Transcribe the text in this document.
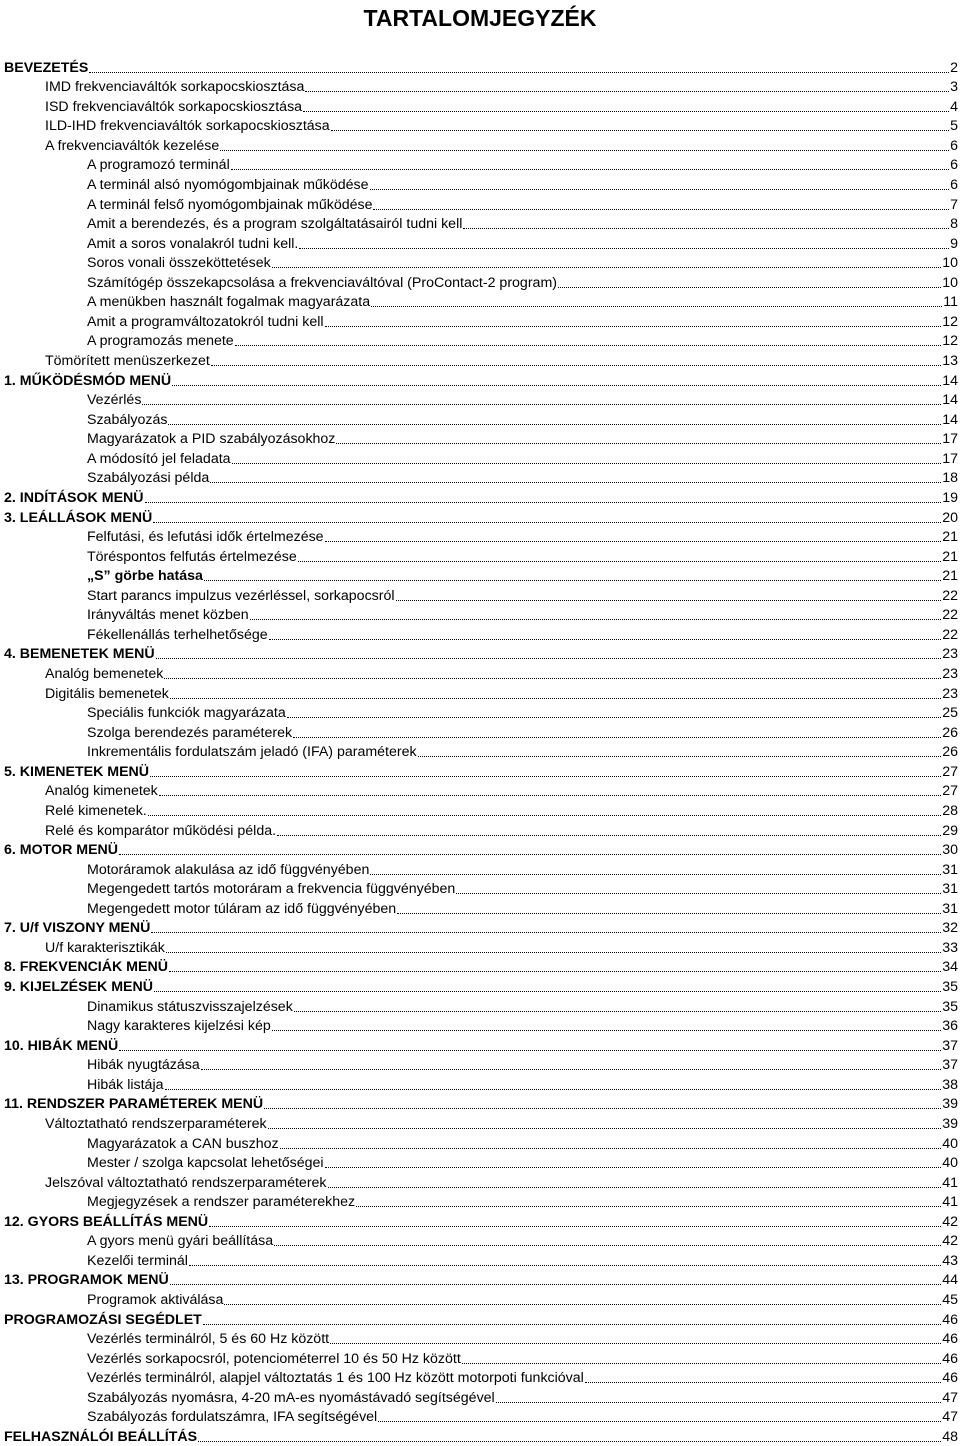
TARTALOMJEGYZÉK
BEVEZETÉS	2
IMD frekvenciaváltók sorkapocskiosztása	3
ISD frekvenciaváltók sorkapocskiosztása	4
ILD-IHD frekvenciaváltók sorkapocskiosztása	5
A frekvenciaváltók kezelése	6
A programozó terminál	6
A terminál alsó nyomógombjainak működése	6
A terminál felső nyomógombjainak működése	7
Amit a berendezés, és a program szolgáltatásairól tudni kell	8
Amit a soros vonalakról tudni kell.	9
Soros vonali összeköttetések	10
Számítógép összekapcsolása a frekvenciaváltóval (ProContact-2 program)	10
A menükben használt fogalmak magyarázata	11
Amit a programváltozatokról tudni kell	12
A programozás menete	12
Tömörített menüszerkezet	13
1. MŰKÖDÉSMÓD MENÜ	14
Vezérlés	14
Szabályozás	14
Magyarázatok a PID szabályozásokhoz	17
A módosító jel feladata	17
Szabályozási példa	18
2. INDÍTÁSOK MENÜ	19
3. LEÁLLÁSOK MENÜ	20
Felfutási, és lefutási idők értelmezése	21
Töréspontos felfutás értelmezése	21
„S” görbe hatása	21
Start parancs impulzus vezérléssel, sorkapocsról	22
Irányváltás menet közben	22
Fékellenállás terhelhetősége	22
4. BEMENETEK MENÜ	23
Analóg bemenetek	23
Digitális bemenetek	23
Speciális funkciók magyarázata	25
Szolga berendezés paraméterek	26
Inkrementális fordulatszám jeladó (IFA) paraméterek	26
5. KIMENETEK MENÜ	27
Analóg kimenetek	27
Relé kimenetek.	28
Relé és komparátor működési példa.	29
6. MOTOR MENÜ	30
Motoráramok alakulása az idő függvényében	31
Megengedett tartós motoráram a frekvencia függvényében	31
Megengedett motor túláram az idő függvényében	31
7. U/f VISZONY MENÜ	32
U/f karakterisztikák	33
8. FREKVENCIÁK MENÜ	34
9. KIJELZÉSEK MENÜ	35
Dinamikus státuszvisszajelzések	35
Nagy karakteres kijelzési kép	36
10. HIBÁK MENÜ	37
Hibák nyugtázása	37
Hibák listája	38
11. RENDSZER PARAMÉTEREK MENÜ	39
Változtatható rendszerparaméterek	39
Magyarázatok a CAN buszhoz	40
Mester / szolga kapcsolat lehetőségei	40
Jelszóval változtatható rendszerparaméterek	41
Megjegyzések a rendszer paraméterekhez	41
12. GYORS BEÁLLÍTÁS MENÜ	42
A gyors menü gyári beállítása	42
Kezelői terminál	43
13. PROGRAMOK MENÜ	44
Programok aktiválása	45
PROGRAMOZÁSI SEGÉDLET	46
Vezérlés terminálról, 5 és 60 Hz között	46
Vezérlés sorkapocsról, potenciométerrel 10 és 50 Hz között	46
Vezérlés terminálról, alapjel változtatás 1 és 100 Hz között motorpoti funkcióval	46
Szabályozás nyomásra, 4-20 mA-es nyomástávadó segítségével	47
Szabályozás fordulatszámra, IFA segítségével	47
FELHASZNÁLÓI BEÁLLÍTÁS	48
